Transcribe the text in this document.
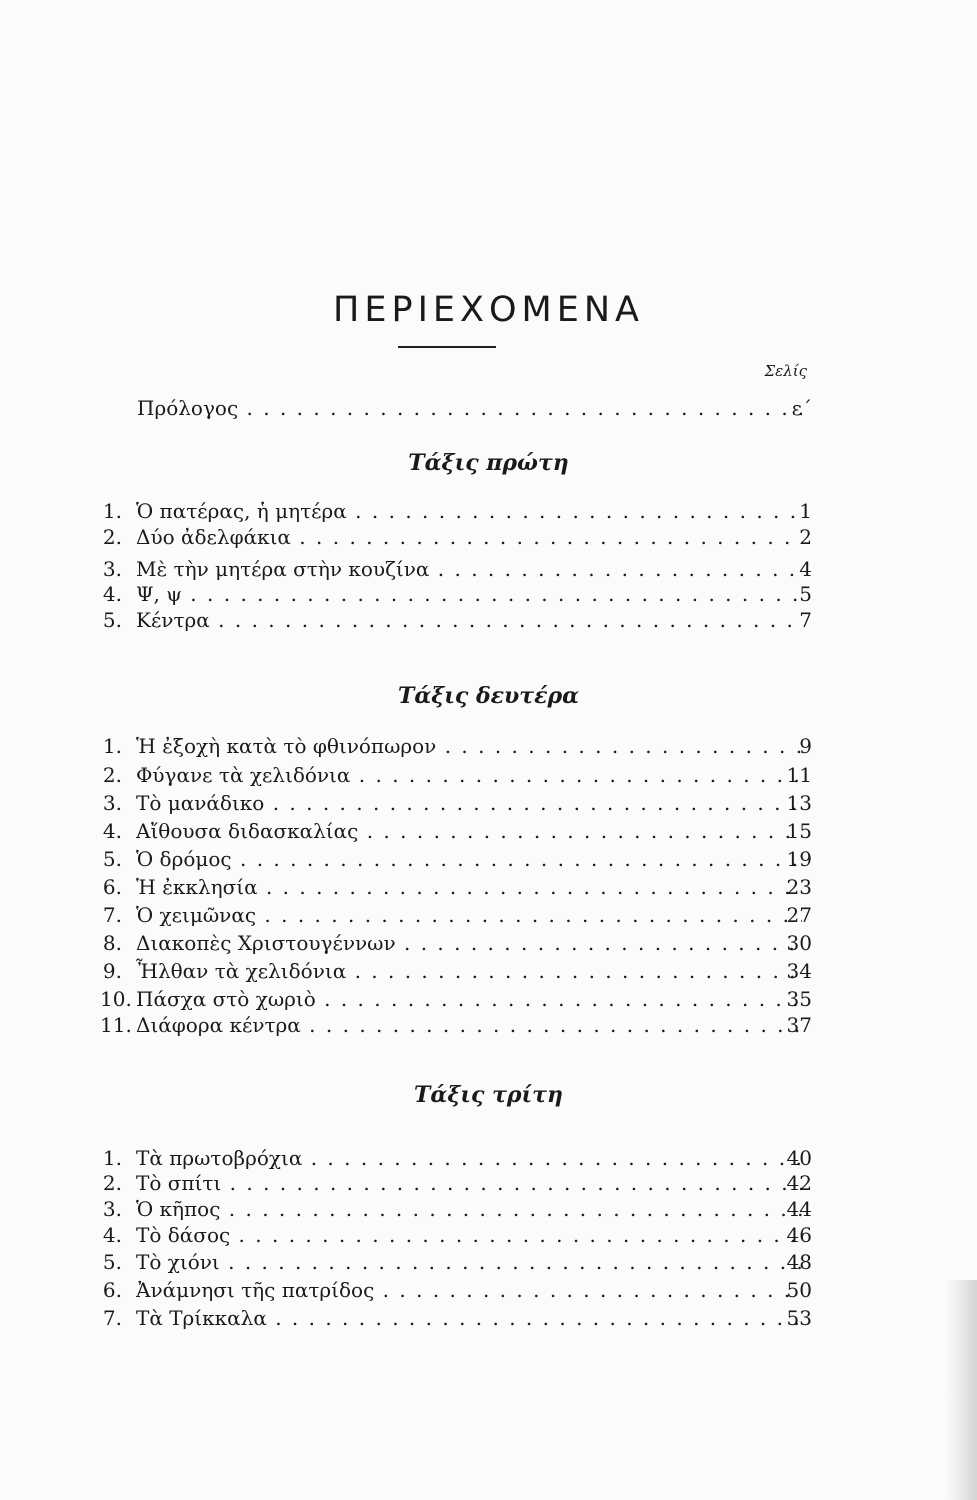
ΠΕΡΙΕΧΟΜΕΝΑ
Σελίς
Πρόλογος . . .	ε΄
Τάξις πρώτη
1. Ὁ πατέρας, ἡ μητέρα . . .	1
2. Δύο ἀδελφάκια . . .	2
3. Μὲ τὴν μητέρα στὴν κουζίνα . . .	4
4. Ψ, ψ . . .	5
5. Κέντρα . . .	7
Τάξις δευτέρα
1. Ἡ ἐξοχὴ κατὰ τὸ φθινόπωρον . . .	9
2. Φύγανε τὰ χελιδόνια . . .	11
3. Τὸ μανάδικο . . .	13
4. Αἴθουσα διδασκαλίας . . .	15
5. Ὁ δρόμος . . .	19
6. Ἡ ἐκκλησία . . .	23
7. Ὁ χειμῶνας . . .	27
8. Διακοπὲς Χριστουγέννων . . .	30
9. Ἦλθαν τὰ χελιδόνια . . .	34
10. Πάσχα στὸ χωριὸ . . .	35
11. Διάφορα κέντρα . . .	37
Τάξις τρίτη
1. Τὰ πρωτοβρόχια . . .	40
2. Τὸ σπίτι . . .	42
3. Ὁ κῆπος . . .	44
4. Τὸ δάσος . . .	46
5. Τὸ χιόνι . . .	48
6. Ἀνάμνησι τῆς πατρίδος . . .	50
7. Τὰ Τρίκκαλα . . .	53
